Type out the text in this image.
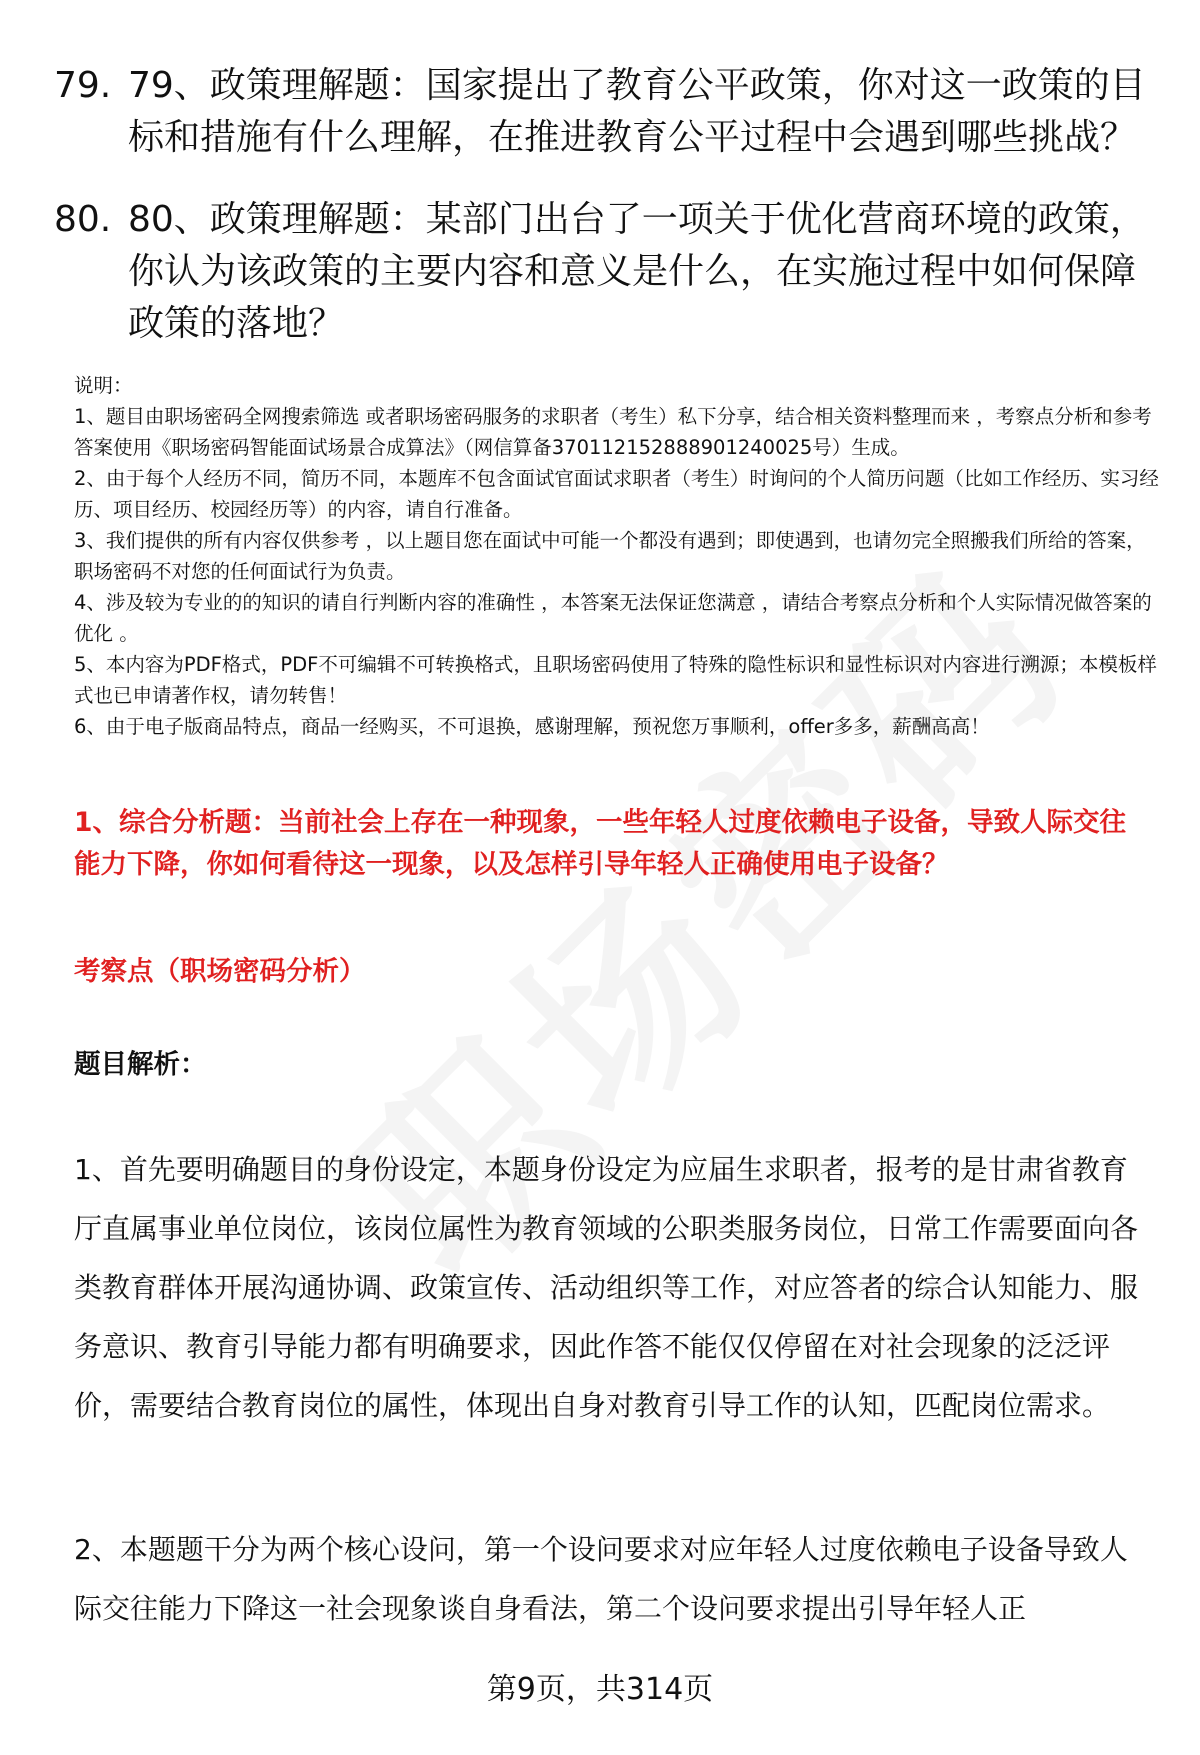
79. 79、政策理解题：国家提出了教育公平政策，你对这一政策的目标和措施有什么理解，在推进教育公平过程中会遇到哪些挑战？
80. 80、政策理解题：某部门出台了一项关于优化营商环境的政策，你认为该政策的主要内容和意义是什么，在实施过程中如何保障政策的落地？
说明：
1、题目由职场密码全网搜索筛选 或者职场密码服务的求职者（考生）私下分享，结合相关资料整理而来 ，考察点分析和参考答案使用《职场密码智能面试场景合成算法》（网信算备370112152888901240025号）生成。
2、由于每个人经历不同，简历不同，本题库不包含面试官面试求职者（考生）时询问的个人简历问题（比如工作经历、实习经历、项目经历、校园经历等）的内容，请自行准备。
3、我们提供的所有内容仅供参考 ，以上题目您在面试中可能一个都没有遇到；即使遇到，也请勿完全照搬我们所给的答案，职场密码不对您的任何面试行为负责。
4、涉及较为专业的的知识的请自行判断内容的准确性 ，本答案无法保证您满意 ，请结合考察点分析和个人实际情况做答案的优化 。
5、本内容为PDF格式，PDF不可编辑不可转换格式，且职场密码使用了特殊的隐性标识和显性标识对内容进行溯源；本模板样式也已申请著作权，请勿转售！
6、由于电子版商品特点，商品一经购买，不可退换，感谢理解，预祝您万事顺利，offer多多，薪酬高高！
1、综合分析题：当前社会上存在一种现象，一些年轻人过度依赖电子设备，导致人际交往能力下降，你如何看待这一现象，以及怎样引导年轻人正确使用电子设备？
考察点（职场密码分析）
题目解析：
1、首先要明确题目的身份设定，本题身份设定为应届生求职者，报考的是甘肃省教育厅直属事业单位岗位，该岗位属性为教育领域的公职类服务岗位，日常工作需要面向各类教育群体开展沟通协调、政策宣传、活动组织等工作，对应答者的综合认知能力、服务意识、教育引导能力都有明确要求，因此作答不能仅仅停留在对社会现象的泛泛评价，需要结合教育岗位的属性，体现出自身对教育引导工作的认知，匹配岗位需求。
2、本题题干分为两个核心设问，第一个设问要求对应年轻人过度依赖电子设备导致人际交往能力下降这一社会现象谈自身看法，第二个设问要求提出引导年轻人正
第9页，共314页
